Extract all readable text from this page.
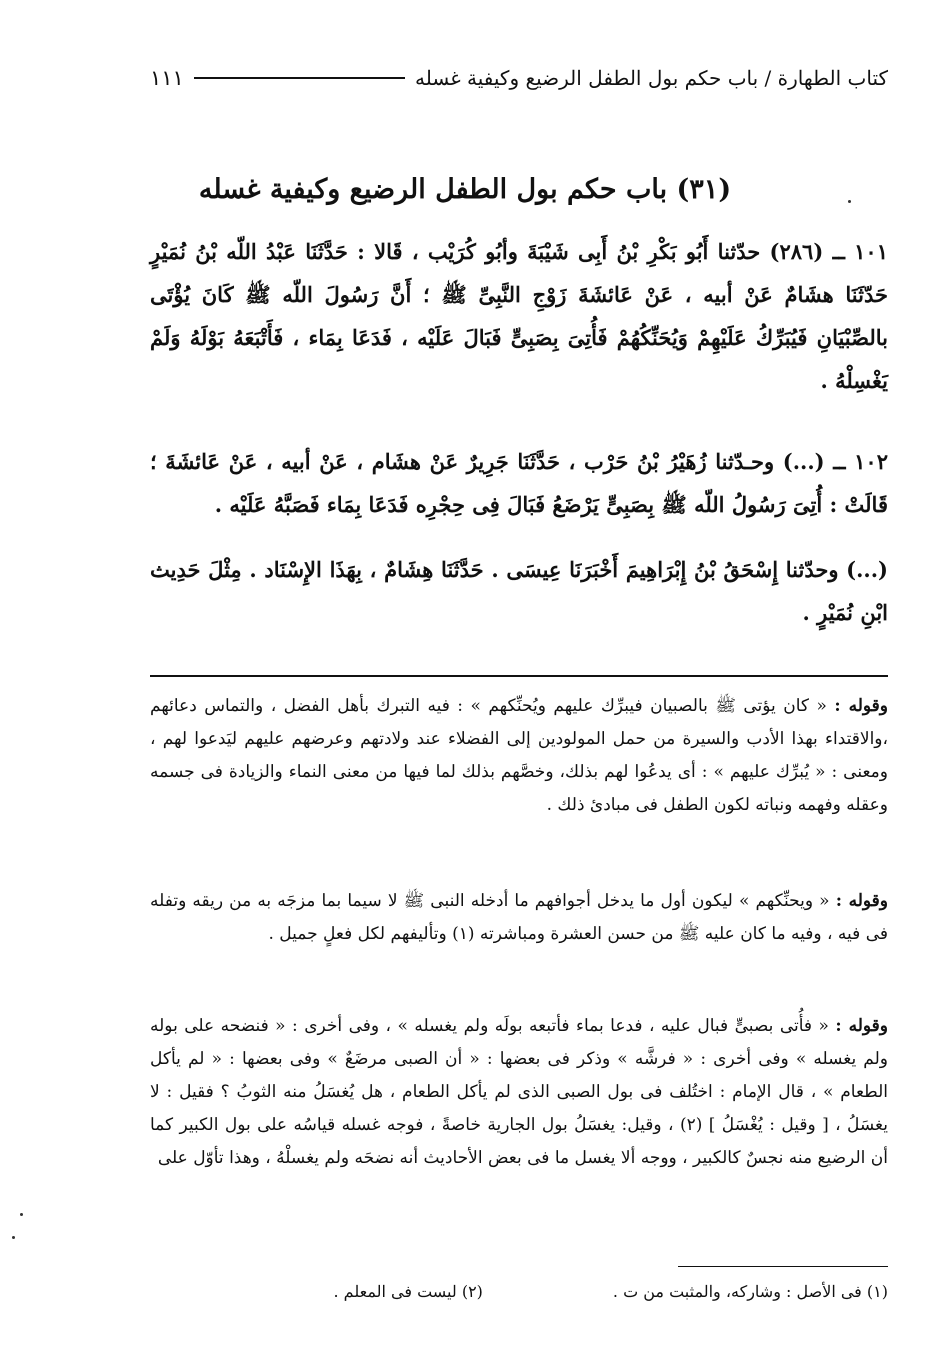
كتاب الطهارة / باب حكم بول الطفل الرضيع وكيفية غسله
١١١
(٣١) باب حكم بول الطفل الرضيع وكيفية غسله

١٠١ ــ (٢٨٦) حدّثنا أَبُو بَكْرِ بْنُ أَبِى شَيْبَةَ وأبُو كُرَيْب ، قَالا : حَدَّثَنَا عَبْدُ اللّه بْنُ نُمَيْرٍ حَدّثَنَا هشَامٌ عَنْ أبيه ، عَنْ عَائشَةَ زَوْجِ النَّبِىِّ ﷺ ؛ أَنَّ رَسُولَ اللّه ﷺ كَانَ يُؤْتَى بالصِّبْيَانِ فَيُبَرِّكُ عَلَيْهِمْ وَيُحَنِّكُهُمْ فَأُتِىَ بِصَبِىٍّ فَبَالَ عَلَيْه ، فَدَعَا بِمَاء ، فَأَتْبَعَهُ بَوْلَهُ وَلَمْ يَغْسِلْهُ .

١٠٢ ــ (...) وحـدّثنا زُهَيْرُ بْنُ حَرْب ، حَدَّثَنَا جَرِيرٌ عَنْ هشَام ، عَنْ أبيه ، عَنْ عَائشَةَ ؛ قَالَتْ : أُتِىَ رَسُولُ اللّه ﷺ بِصَبِىٍّ يَرْضَعُ فَبَالَ فِى حِجْرِه فَدَعَا بِمَاء فَصَبَّهُ عَلَيْه .

(...) وحدّثنا إِسْحَقُ بْنُ إِبْرَاهِيمَ أَخْبَرَنَا عِيسَى . حَدَّثَنَا هِشَامٌ ، بِهَذَا الإِسْنَاد . مِثْلَ حَدِيث ابْنِ نُمَيْرٍ .

وقوله : « كان يؤتى ﷺ بالصبيان فيبرِّك عليهم ويُحنِّكهم » : فيه التبرك بأهل الفضل ، والتماس دعائهم ،والاقتداء بهذا الأدب والسيرة من حمل المولودين إلى الفضلاء عند ولادتهم وعرضهم عليهم ليَدعوا لهم ، ومعنى : « يُبرِّك عليهم » : أى يدعُوا لهم بذلك، وخصَّهم بذلك لما فيها من معنى النماء والزيادة فى جسمه وعقله وفهمه ونباته لكون الطفل فى مبادئ ذلك .

وقوله : « ويحنِّكهم » ليكون أول ما يدخل أجوافهم ما أدخله النبى ﷺ لا سيما بما مزجَه به من ريقه وتفله فى فيه ، وفيه ما كان عليه ﷺ من حسن العشرة ومباشرته (١) وتأليفهم لكل فعلٍ جميل .

وقوله : « فأُتى بصبىٍّ فبال عليه ، فدعا بماء فأتبعه بولَه ولم يغسله » ، وفى أخرى : « فنضحه على بوله ولم يغسله » وفى أخرى : « فرشَّه » وذكر فى بعضها : « أن الصبى مرضَعٌ » وفى بعضها : « لم يأكل الطعام » ، قال الإمام : اختُلف فى بول الصبى الذى لم يأكل الطعام ، هل يُغسَلُ منه الثوبُ ؟ فقيل : لا يغسَلُ ، [ وقيل : يُغْسَلُ ] (٢) ، وقيل: يغسَلُ بول الجارية خاصةً ، فوجه غسله قياسُه على بول الكبير كما أن الرضيع منه نجسٌ كالكبير ، ووجه ألا يغسل ما فى بعض الأحاديث أنه نضحَه ولم يغسلْهُ ، وهذا تأوّل على

(١) فى الأصل : وشاركه، والمثبت من ت .
(٢) ليست فى المعلم .
